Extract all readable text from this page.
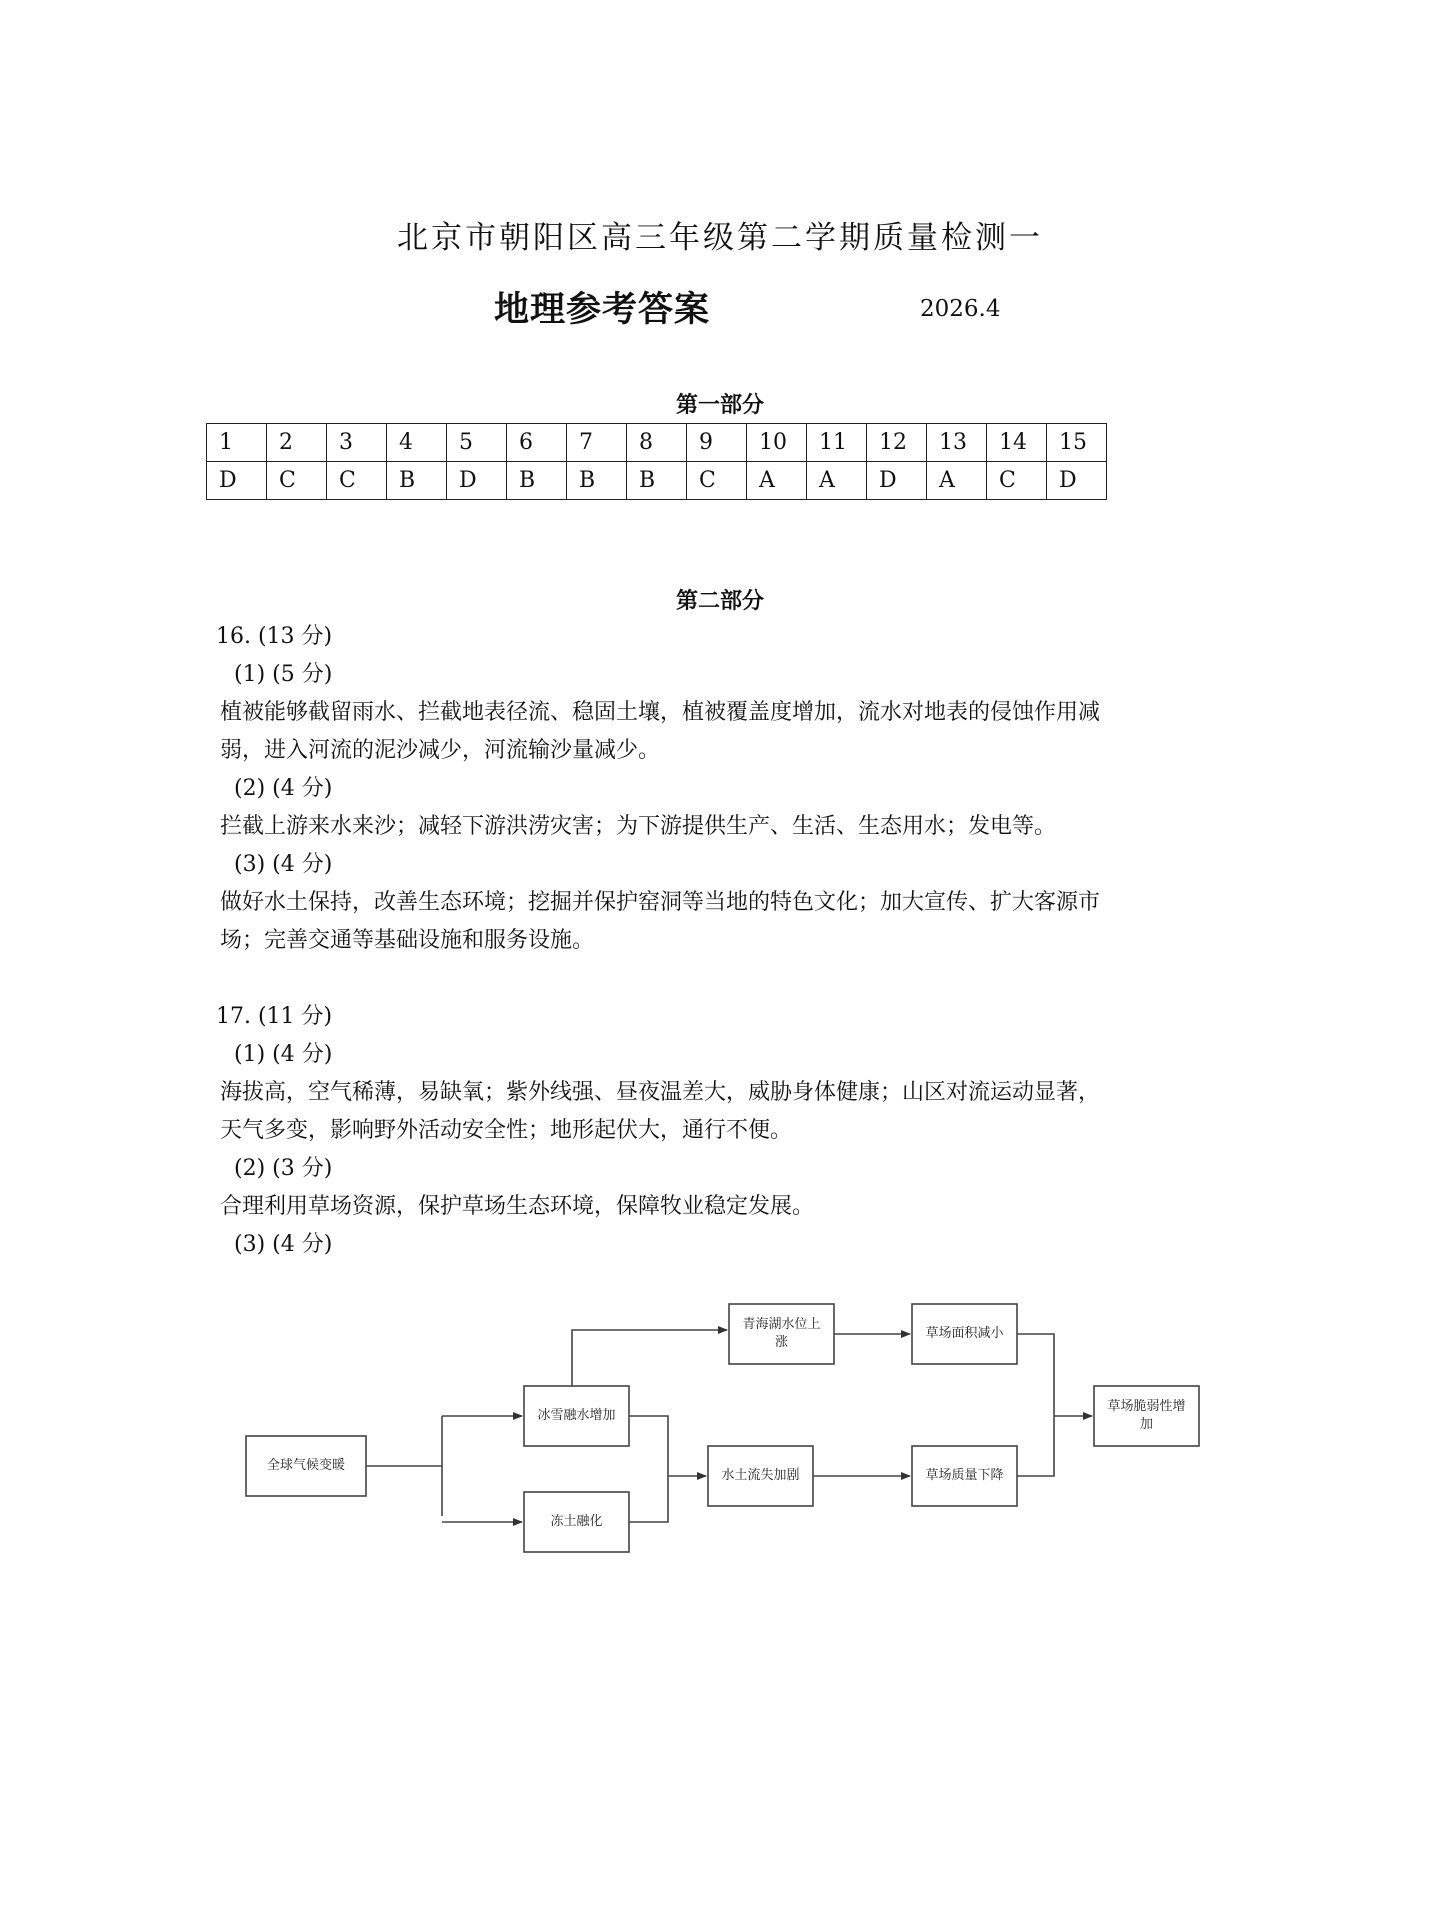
北京市朝阳区高三年级第二学期质量检测一
地理参考答案	2026.4
第一部分
1	2	3	4	5	6	7	8	9	10	11	12	13	14	15
D	C	C	B	D	B	B	B	C	A	A	D	A	C	D
第二部分
16. (13 分)
(1) (5 分)
植被能够截留雨水、拦截地表径流、稳固土壤，植被覆盖度增加，流水对地表的侵蚀作用减
弱，进入河流的泥沙减少，河流输沙量减少。
(2) (4 分)
拦截上游来水来沙；减轻下游洪涝灾害；为下游提供生产、生活、生态用水；发电等。
(3) (4 分)
做好水土保持，改善生态环境；挖掘并保护窑洞等当地的特色文化；加大宣传、扩大客源市
场；完善交通等基础设施和服务设施。
17. (11 分)
(1) (4 分)
海拔高，空气稀薄，易缺氧；紫外线强、昼夜温差大，威胁身体健康；山区对流运动显著，
天气多变，影响野外活动安全性；地形起伏大，通行不便。
(2) (3 分)
合理利用草场资源，保护草场生态环境，保障牧业稳定发展。
(3) (4 分)
全球气候变暖
冰雪融水增加
冻土融化
青海湖水位上涨
水土流失加剧
草场面积减小
草场质量下降
草场脆弱性增加
